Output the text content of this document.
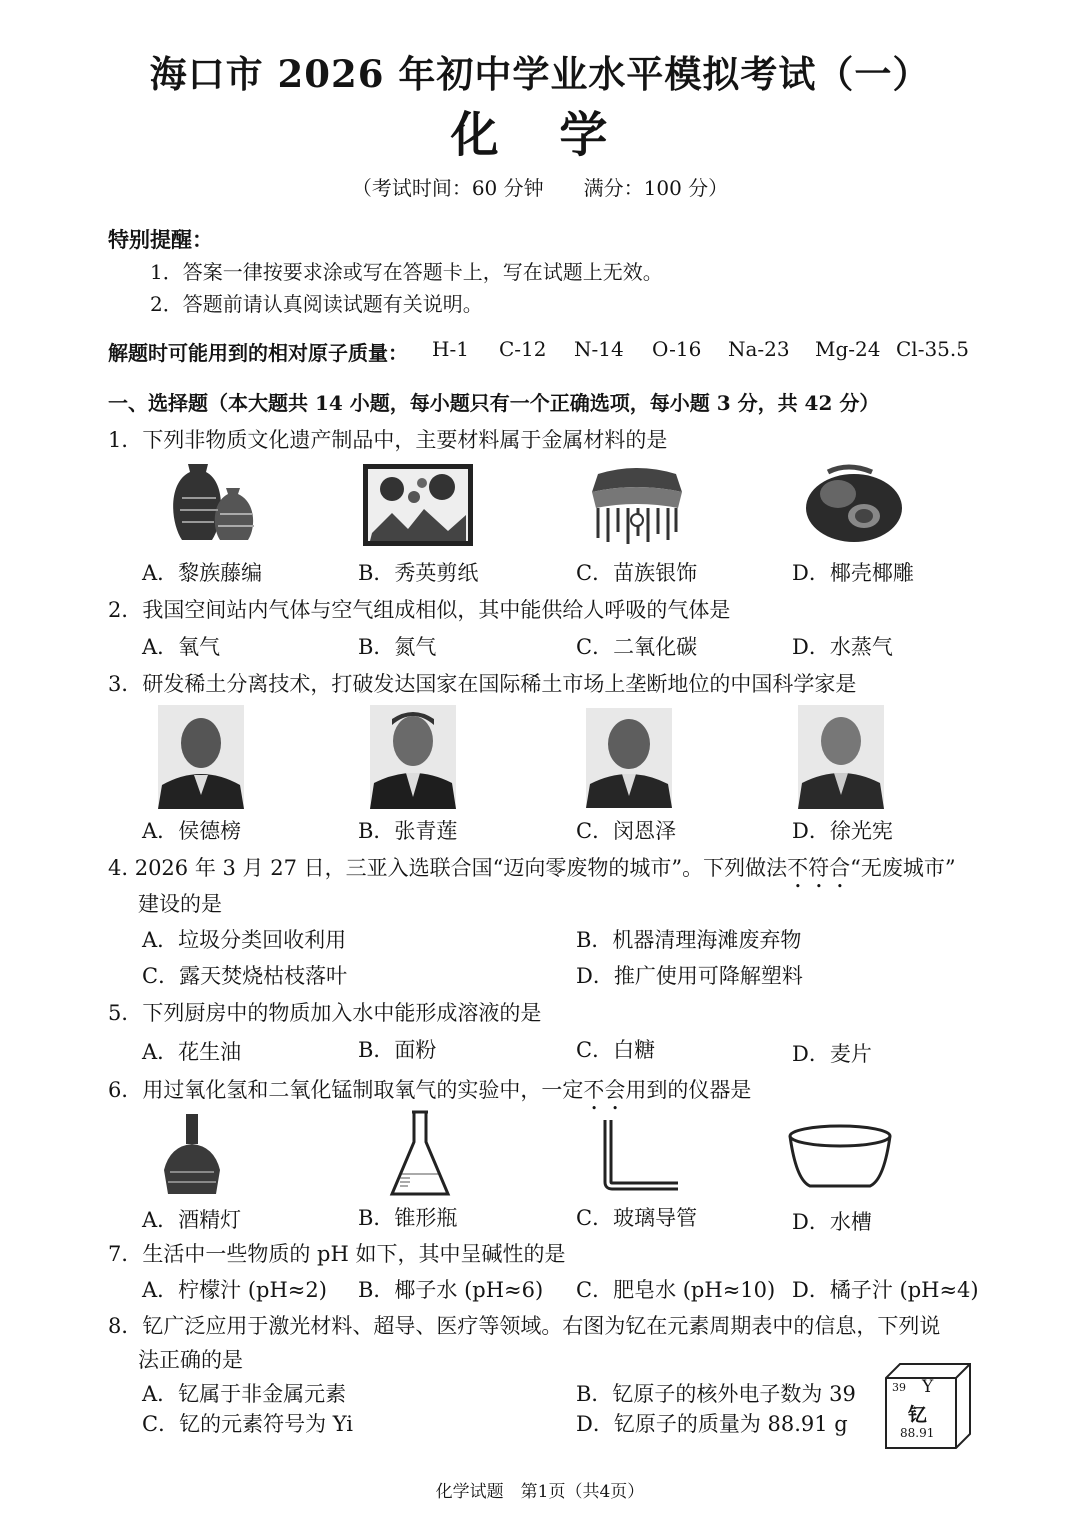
海口市 2026 年初中学业水平模拟考试（一）
化 学
（考试时间：60 分钟　　满分：100 分）
特别提醒：
1．答案一律按要求涂或写在答题卡上，写在试题上无效。
2．答题前请认真阅读试题有关说明。
解题时可能用到的相对原子质量： H-1 C-12 N-14 O-16 Na-23 Mg-24 Cl-35.5
一、选择题（本大题共 14 小题，每小题只有一个正确选项，每小题 3 分，共 42 分）
1．下列非物质文化遗产制品中，主要材料属于金属材料的是
A．黎族藤编	B．秀英剪纸	C．苗族银饰	D．椰壳椰雕
2．我国空间站内气体与空气组成相似，其中能供给人呼吸的气体是
A．氧气	B．氮气	C．二氧化碳	D．水蒸气
3．研发稀土分离技术，打破发达国家在国际稀土市场上垄断地位的中国科学家是
A．侯德榜	B．张青莲	C．闵恩泽	D．徐光宪
4. 2026 年 3 月 27 日，三亚入选联合国“迈向零废物的城市”。下列做法不符合“无废城市”
建设的是
A．垃圾分类回收利用	B．机器清理海滩废弃物
C．露天焚烧枯枝落叶	D．推广使用可降解塑料
5．下列厨房中的物质加入水中能形成溶液的是
A．花生油	B．面粉	C．白糖	D．麦片
6．用过氧化氢和二氧化锰制取氧气的实验中，一定不会用到的仪器是
A．酒精灯	B．锥形瓶	C．玻璃导管	D．水槽
7．生活中一些物质的 pH 如下，其中呈碱性的是
A．柠檬汁 (pH≈2) B．椰子水 (pH≈6) C．肥皂水 (pH≈10) D．橘子汁 (pH≈4)
8．钇广泛应用于激光材料、超导、医疗等领域。右图为钇在元素周期表中的信息，下列说
法正确的是
A．钇属于非金属元素	B．钇原子的核外电子数为 39
C．钇的元素符号为 Yi	D．钇原子的质量为 88.91 g
39 Y
钇
88.91
化学试题　第1页（共4页）
